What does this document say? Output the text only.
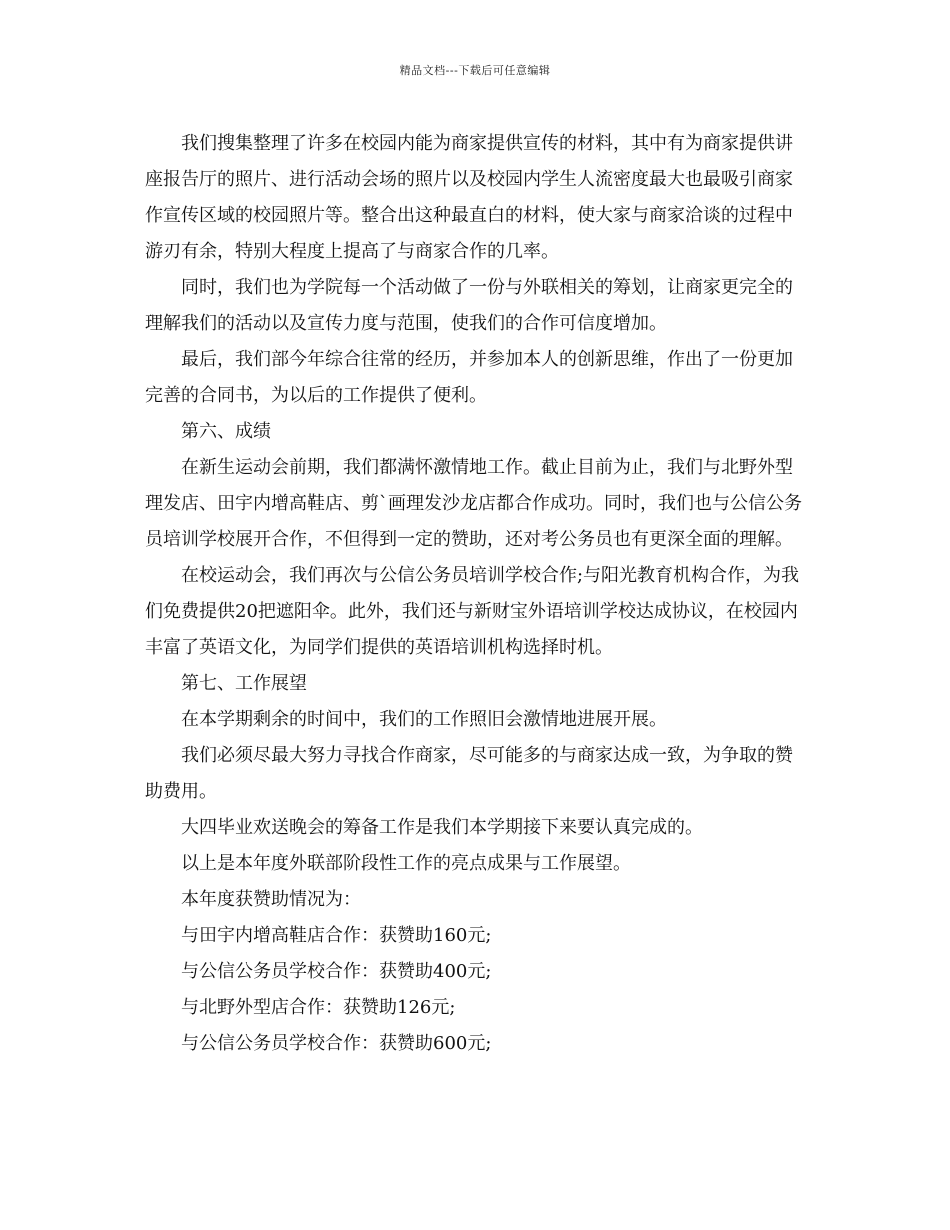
精品文档---下载后可任意编辑

我们搜集整理了许多在校园内能为商家提供宣传的材料，其中有为商家提供讲座报告厅的照片、进行活动会场的照片以及校园内学生人流密度最大也最吸引商家作宣传区域的校园照片等。整合出这种最直白的材料，使大家与商家洽谈的过程中游刃有余，特别大程度上提高了与商家合作的几率。

同时，我们也为学院每一个活动做了一份与外联相关的筹划，让商家更完全的理解我们的活动以及宣传力度与范围，使我们的合作可信度增加。

最后，我们部今年综合往常的经历，并参加本人的创新思维，作出了一份更加完善的合同书，为以后的工作提供了便利。

第六、成绩

在新生运动会前期，我们都满怀激情地工作。截止目前为止，我们与北野外型理发店、田宇内增高鞋店、剪`画理发沙龙店都合作成功。同时，我们也与公信公务员培训学校展开合作，不但得到一定的赞助，还对考公务员也有更深全面的理解。

在校运动会，我们再次与公信公务员培训学校合作;与阳光教育机构合作，为我们免费提供20把遮阳伞。此外，我们还与新财宝外语培训学校达成协议，在校园内丰富了英语文化，为同学们提供的英语培训机构选择时机。

第七、工作展望

在本学期剩余的时间中，我们的工作照旧会激情地进展开展。

我们必须尽最大努力寻找合作商家，尽可能多的与商家达成一致，为争取的赞助费用。

大四毕业欢送晚会的筹备工作是我们本学期接下来要认真完成的。

以上是本年度外联部阶段性工作的亮点成果与工作展望。

本年度获赞助情况为：

与田宇内增高鞋店合作：获赞助160元;

与公信公务员学校合作：获赞助400元;

与北野外型店合作：获赞助126元;

与公信公务员学校合作：获赞助600元;
